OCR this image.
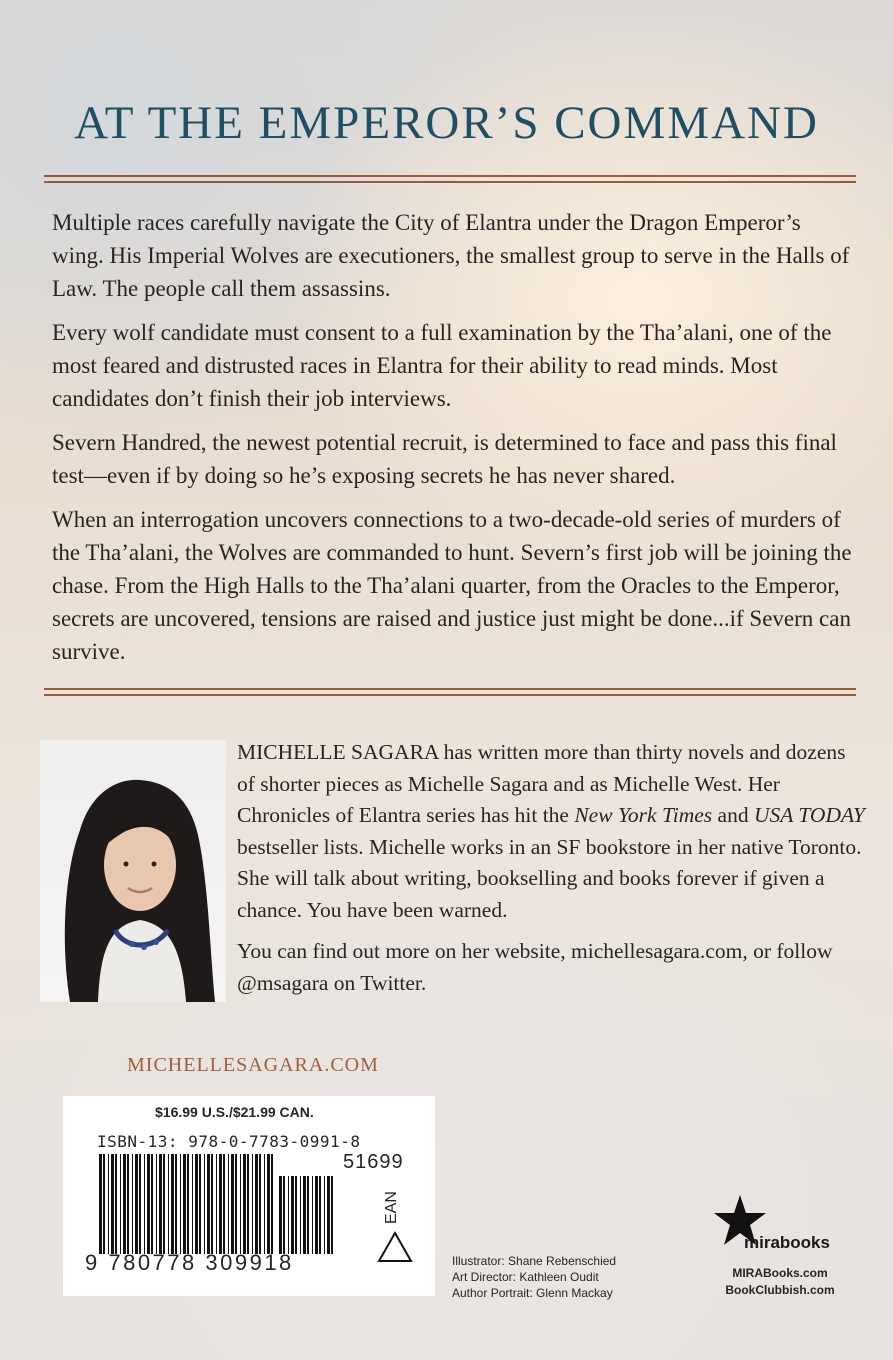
AT THE EMPEROR’S COMMAND

Multiple races carefully navigate the City of Elantra under the Dragon Emperor’s wing. His Imperial Wolves are executioners, the smallest group to serve in the Halls of Law. The people call them assassins.

Every wolf candidate must consent to a full examination by the Tha’alani, one of the most feared and distrusted races in Elantra for their ability to read minds. Most candidates don’t finish their job interviews.

Severn Handred, the newest potential recruit, is determined to face and pass this final test—even if by doing so he’s exposing secrets he has never shared.

When an interrogation uncovers connections to a two-decade-old series of murders of the Tha’alani, the Wolves are commanded to hunt. Severn’s first job will be joining the chase. From the High Halls to the Tha’alani quarter, from the Oracles to the Emperor, secrets are uncovered, tensions are raised and justice just might be done...if Severn can survive.

MICHELLE SAGARA has written more than thirty novels and dozens of shorter pieces as Michelle Sagara and as Michelle West. Her Chronicles of Elantra series has hit the New York Times and USA TODAY bestseller lists. Michelle works in an SF bookstore in her native Toronto. She will talk about writing, bookselling and books forever if given a chance. You have been warned.

You can find out more on her website, michellesagara.com, or follow @msagara on Twitter.

MICHELLESAGARA.COM
$16.99 U.S./$21.99 CAN.
ISBN-13: 978-0-7783-0991-8
51699
9 780778 309918
EAN
Illustrator: Shane Rebenschied
Art Director: Kathleen Oudit
Author Portrait: Glenn Mackay
mirabooks
MIRABooks.com
BookClubbish.com
